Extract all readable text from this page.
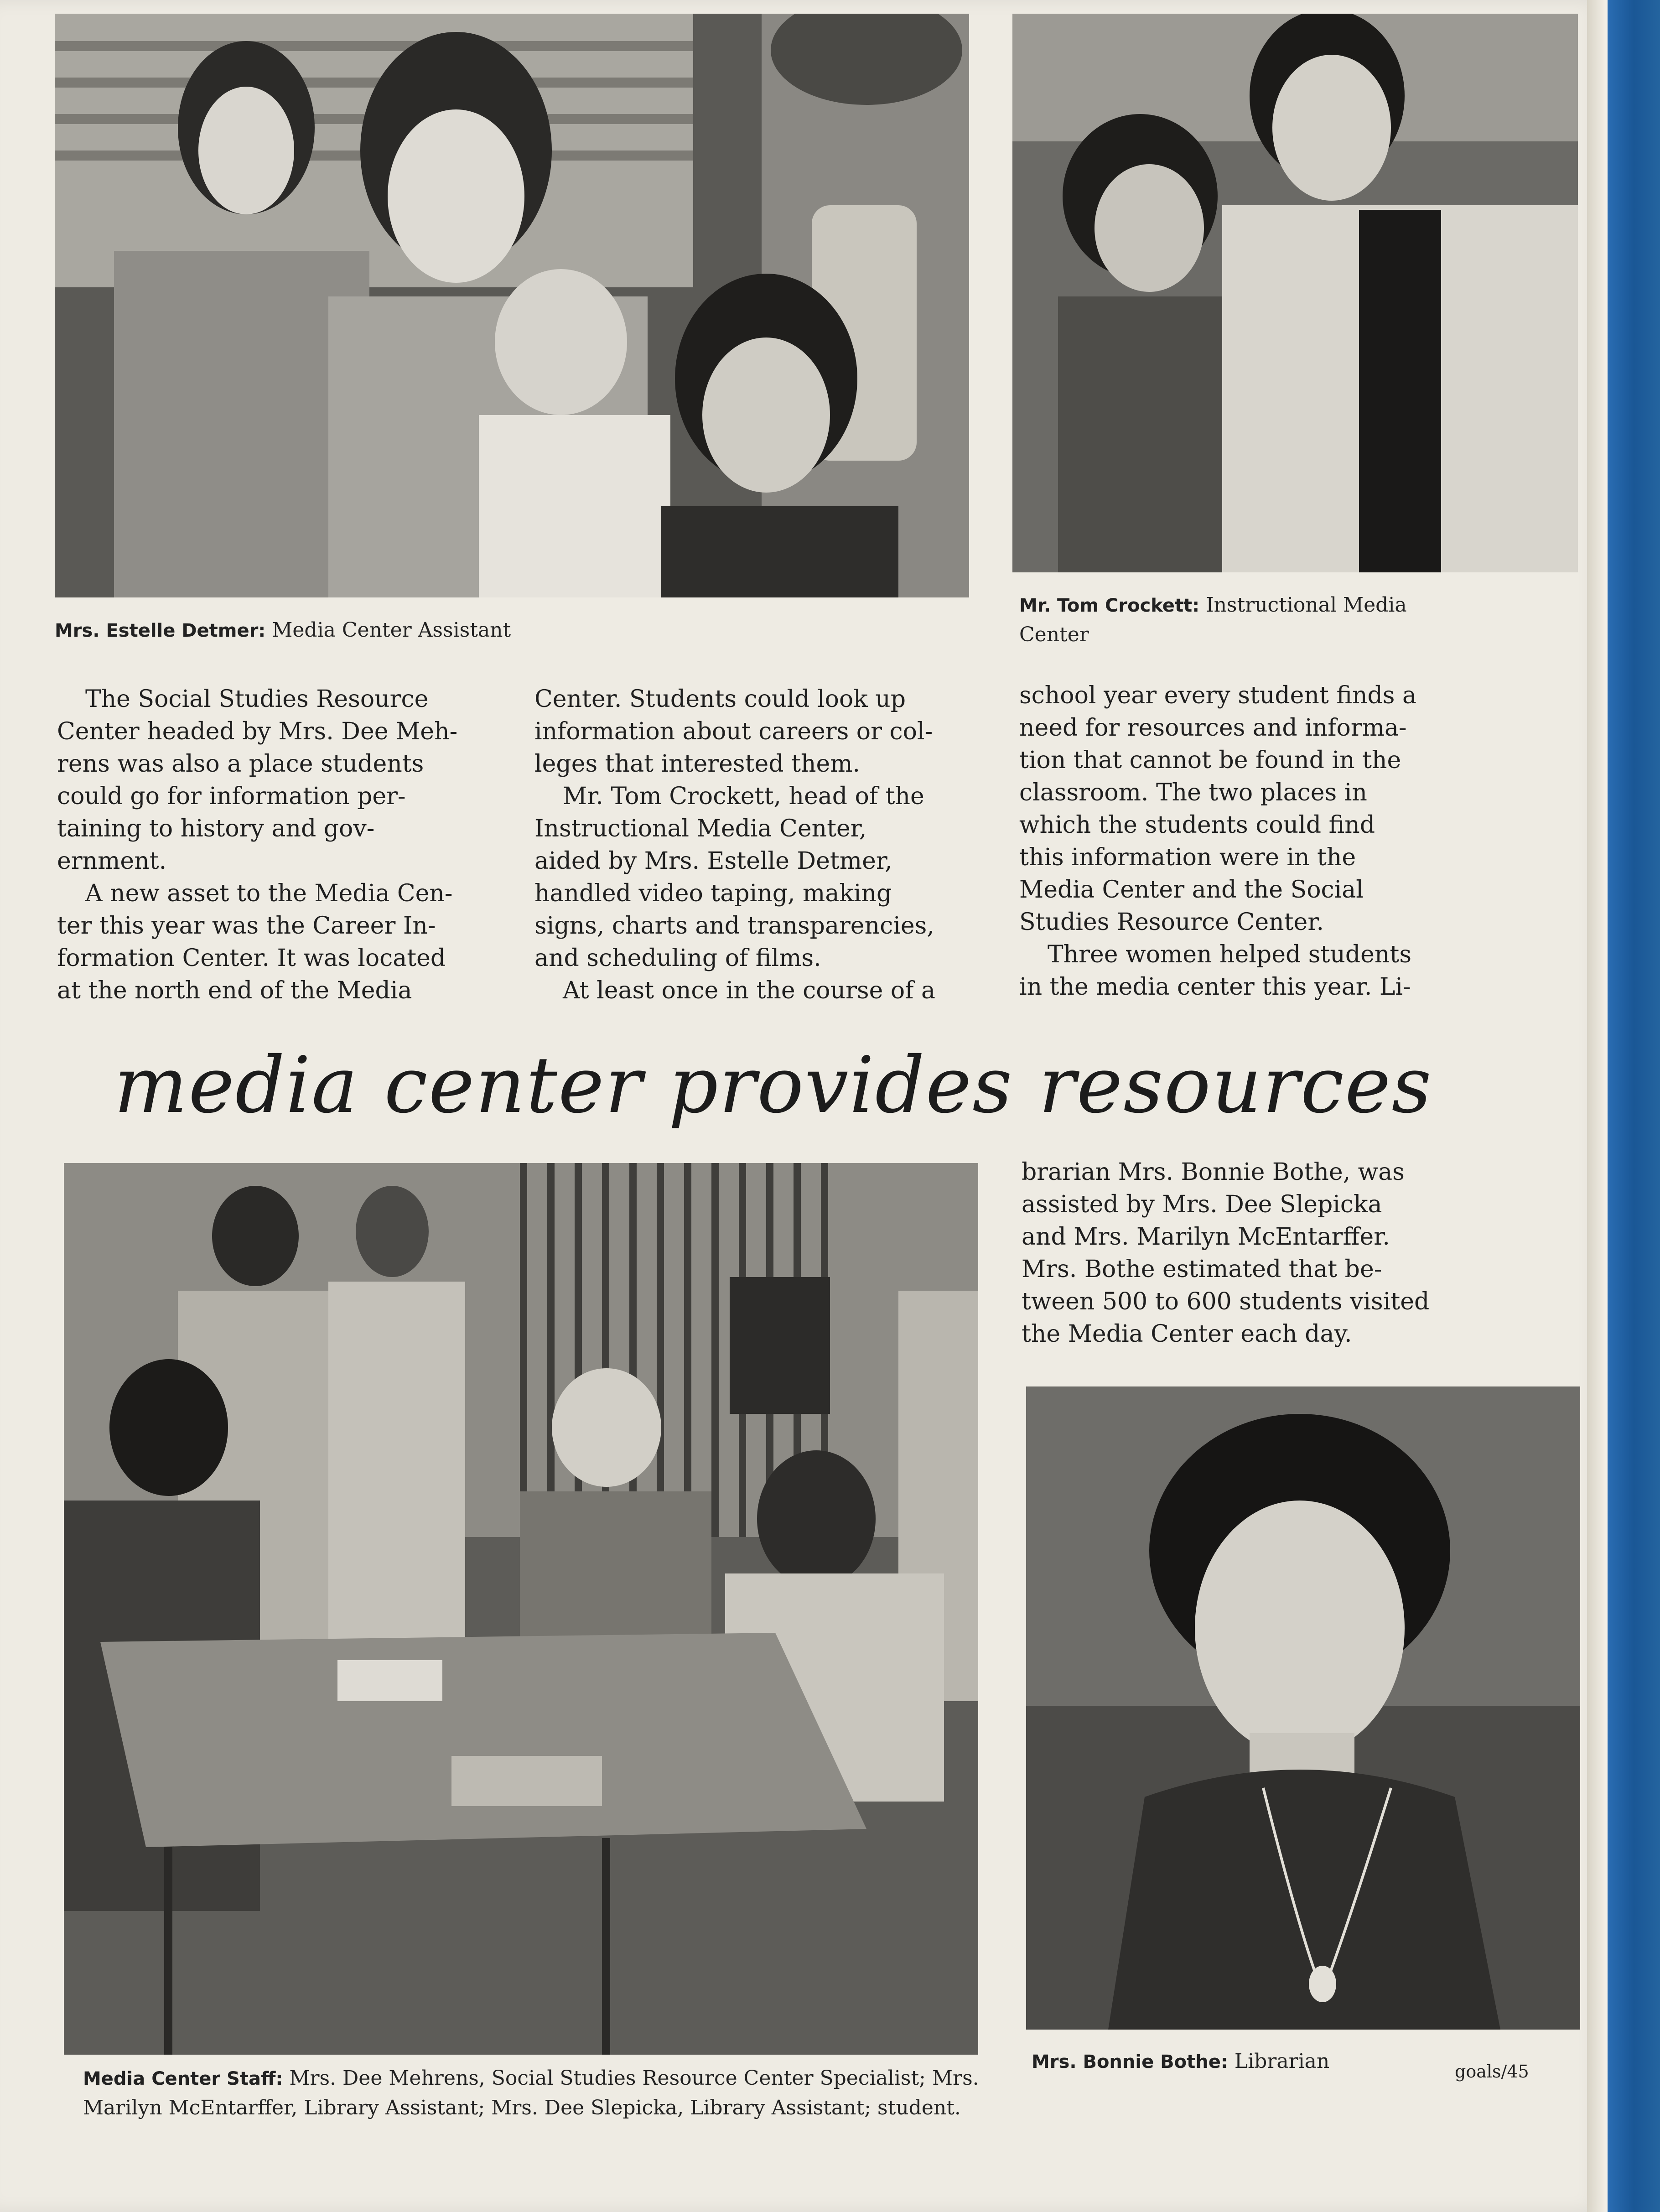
Mrs. Estelle Detmer: Media Center Assistant
Mr. Tom Crockett: Instructional Media
Center
The Social Studies Resource
Center headed by Mrs. Dee Meh-
rens was also a place students
could go for information per-
taining to history and gov-
ernment.
A new asset to the Media Cen-
ter this year was the Career In-
formation Center. It was located
at the north end of the Media
Center. Students could look up
information about careers or col-
leges that interested them.
Mr. Tom Crockett, head of the
Instructional Media Center,
aided by Mrs. Estelle Detmer,
handled video taping, making
signs, charts and transparencies,
and scheduling of films.
At least once in the course of a
school year every student finds a
need for resources and informa-
tion that cannot be found in the
classroom. The two places in
which the students could find
this information were in the
Media Center and the Social
Studies Resource Center.
Three women helped students
in the media center this year. Li-
media center provides resources
brarian Mrs. Bonnie Bothe, was
assisted by Mrs. Dee Slepicka
and Mrs. Marilyn McEntarffer.
Mrs. Bothe estimated that be-
tween 500 to 600 students visited
the Media Center each day.
Media Center Staff: Mrs. Dee Mehrens, Social Studies Resource Center Specialist; Mrs.
Marilyn McEntarffer, Library Assistant; Mrs. Dee Slepicka, Library Assistant; student.
Mrs. Bonnie Bothe: Librarian	goals/45
